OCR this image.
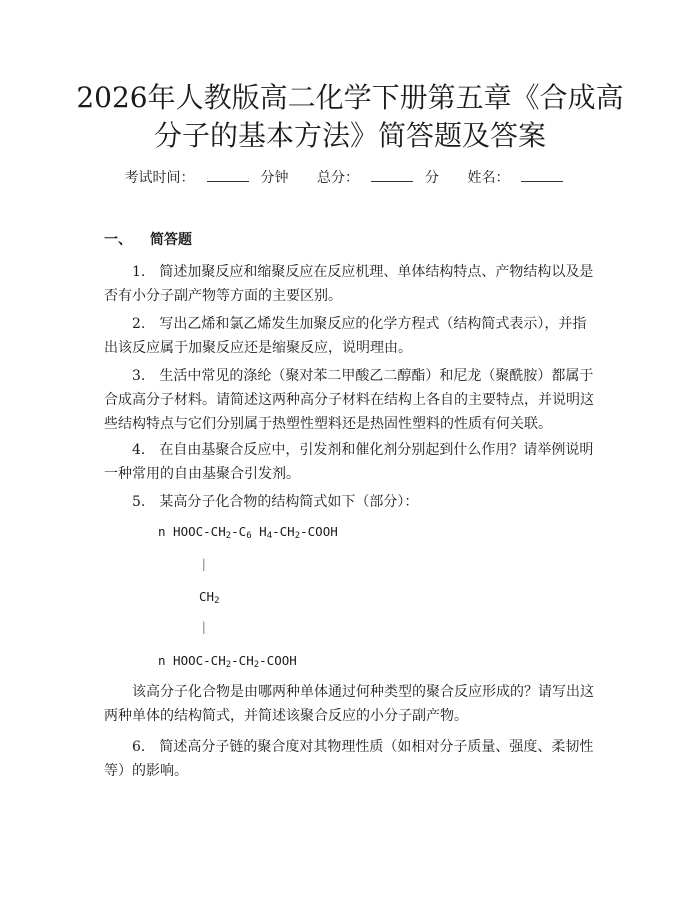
2026年人教版高二化学下册第五章《合成高
分子的基本方法》简答题及答案
考试时间：	分钟 总分：	分 姓名：
一、 简答题

1. 简述加聚反应和缩聚反应在反应机理、单体结构特点、产物结构以及是否有小分子副产物等方面的主要区别。

2. 写出乙烯和氯乙烯发生加聚反应的化学方程式（结构简式表示），并指出该反应属于加聚反应还是缩聚反应，说明理由。

3. 生活中常见的涤纶（聚对苯二甲酸乙二醇酯）和尼龙（聚酰胺）都属于合成高分子材料。请简述这两种高分子材料在结构上各自的主要特点，并说明这些结构特点与它们分别属于热塑性塑料还是热固性塑料的性质有何关联。

4. 在自由基聚合反应中，引发剂和催化剂分别起到什么作用？请举例说明一种常用的自由基聚合引发剂。

5. 某高分子化合物的结构简式如下（部分）：

n HOOC-$CH_2-C_6$ $H_4-CH_2$-COOH
|
$CH_2$
|
n HOOC-$CH_2-CH_2$-COOH

该高分子化合物是由哪两种单体通过何种类型的聚合反应形成的？请写出这两种单体的结构简式，并简述该聚合反应的小分子副产物。

6. 简述高分子链的聚合度对其物理性质（如相对分子质量、强度、柔韧性等）的影响。
